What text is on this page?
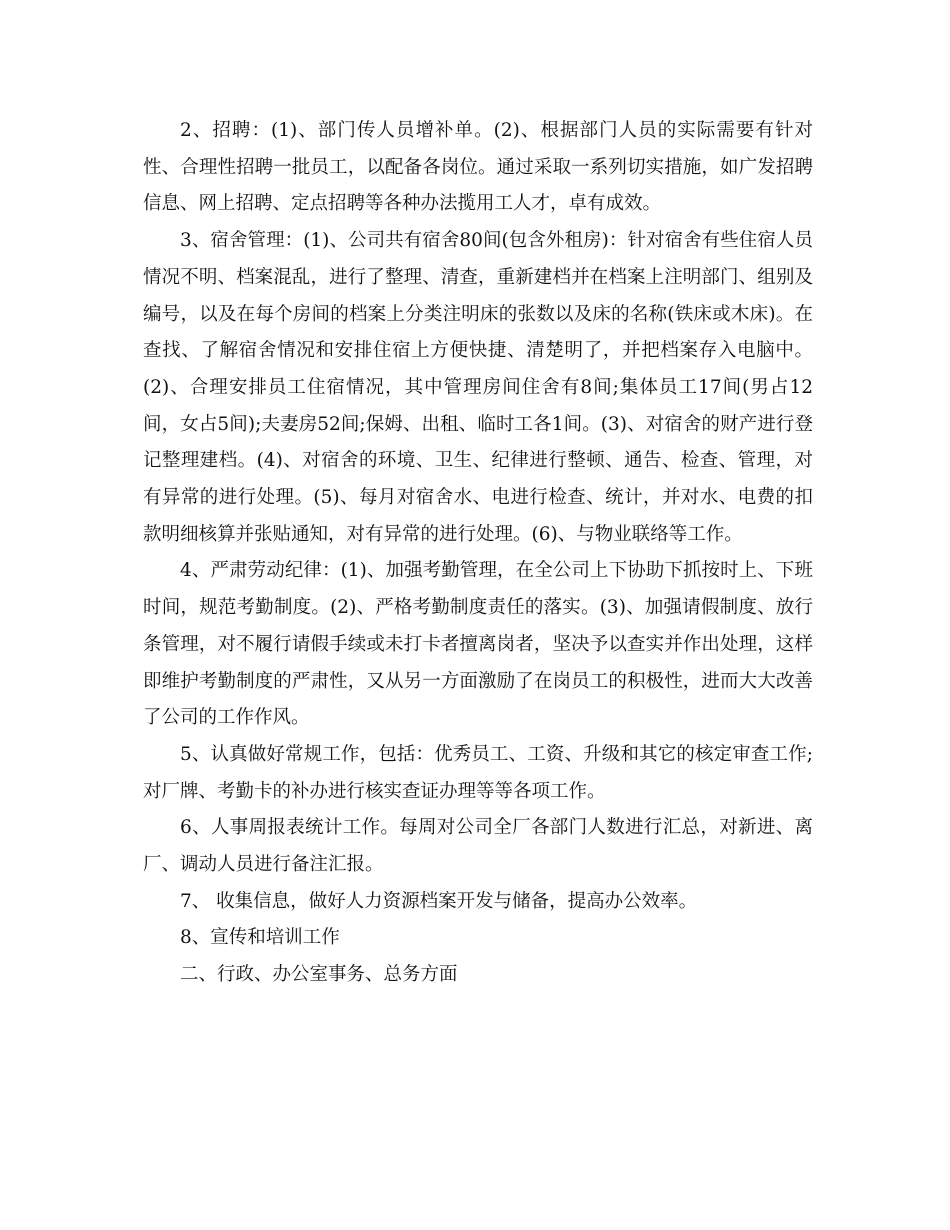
2、招聘：(1)、部门传人员增补单。(2)、根据部门人员的实际需要有针对性、合理性招聘一批员工，以配备各岗位。通过采取一系列切实措施，如广发招聘信息、网上招聘、定点招聘等各种办法揽用工人才，卓有成效。

3、宿舍管理：(1)、公司共有宿舍80间(包含外租房)：针对宿舍有些住宿人员情况不明、档案混乱，进行了整理、清查，重新建档并在档案上注明部门、组别及编号，以及在每个房间的档案上分类注明床的张数以及床的名称(铁床或木床)。在查找、了解宿舍情况和安排住宿上方便快捷、清楚明了，并把档案存入电脑中。(2)、合理安排员工住宿情况，其中管理房间住舍有8间;集体员工17间(男占12间，女占5间);夫妻房52间;保姆、出租、临时工各1间。(3)、对宿舍的财产进行登记整理建档。(4)、对宿舍的环境、卫生、纪律进行整顿、通告、检查、管理，对有异常的进行处理。(5)、每月对宿舍水、电进行检查、统计，并对水、电费的扣款明细核算并张贴通知，对有异常的进行处理。(6)、与物业联络等工作。

4、严肃劳动纪律：(1)、加强考勤管理，在全公司上下协助下抓按时上、下班时间，规范考勤制度。(2)、严格考勤制度责任的落实。(3)、加强请假制度、放行条管理，对不履行请假手续或未打卡者擅离岗者，坚决予以查实并作出处理，这样即维护考勤制度的严肃性，又从另一方面激励了在岗员工的积极性，进而大大改善了公司的工作作风。

5、认真做好常规工作，包括：优秀员工、工资、升级和其它的核定审查工作;对厂牌、考勤卡的补办进行核实查证办理等等各项工作。

6、人事周报表统计工作。每周对公司全厂各部门人数进行汇总，对新进、离厂、调动人员进行备注汇报。

7、 收集信息，做好人力资源档案开发与储备，提高办公效率。

8、宣传和培训工作

二、行政、办公室事务、总务方面
